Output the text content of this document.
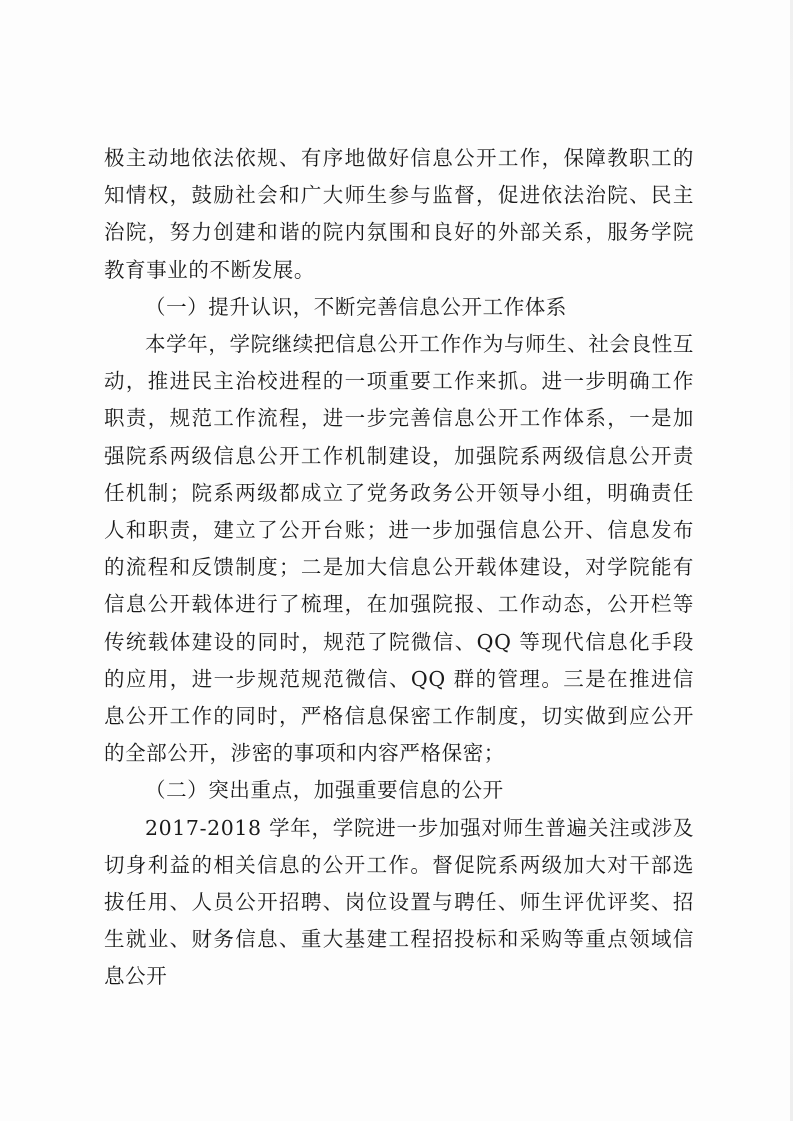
极主动地依法依规、有序地做好信息公开工作，保障教职工的知情权，鼓励社会和广大师生参与监督，促进依法治院、民主治院，努力创建和谐的院内氛围和良好的外部关系，服务学院教育事业的不断发展。

（一）提升认识，不断完善信息公开工作体系

本学年，学院继续把信息公开工作作为与师生、社会良性互动，推进民主治校进程的一项重要工作来抓。进一步明确工作职责，规范工作流程，进一步完善信息公开工作体系，一是加强院系两级信息公开工作机制建设，加强院系两级信息公开责任机制；院系两级都成立了党务政务公开领导小组，明确责任人和职责，建立了公开台账；进一步加强信息公开、信息发布的流程和反馈制度；二是加大信息公开载体建设，对学院能有信息公开载体进行了梳理，在加强院报、工作动态，公开栏等传统载体建设的同时，规范了院微信、QQ 等现代信息化手段的应用，进一步规范规范微信、QQ 群的管理。三是在推进信息公开工作的同时，严格信息保密工作制度，切实做到应公开的全部公开，涉密的事项和内容严格保密；

（二）突出重点，加强重要信息的公开

2017-2018 学年，学院进一步加强对师生普遍关注或涉及切身利益的相关信息的公开工作。督促院系两级加大对干部选拔任用、人员公开招聘、岗位设置与聘任、师生评优评奖、招生就业、财务信息、重大基建工程招投标和采购等重点领域信息公开
